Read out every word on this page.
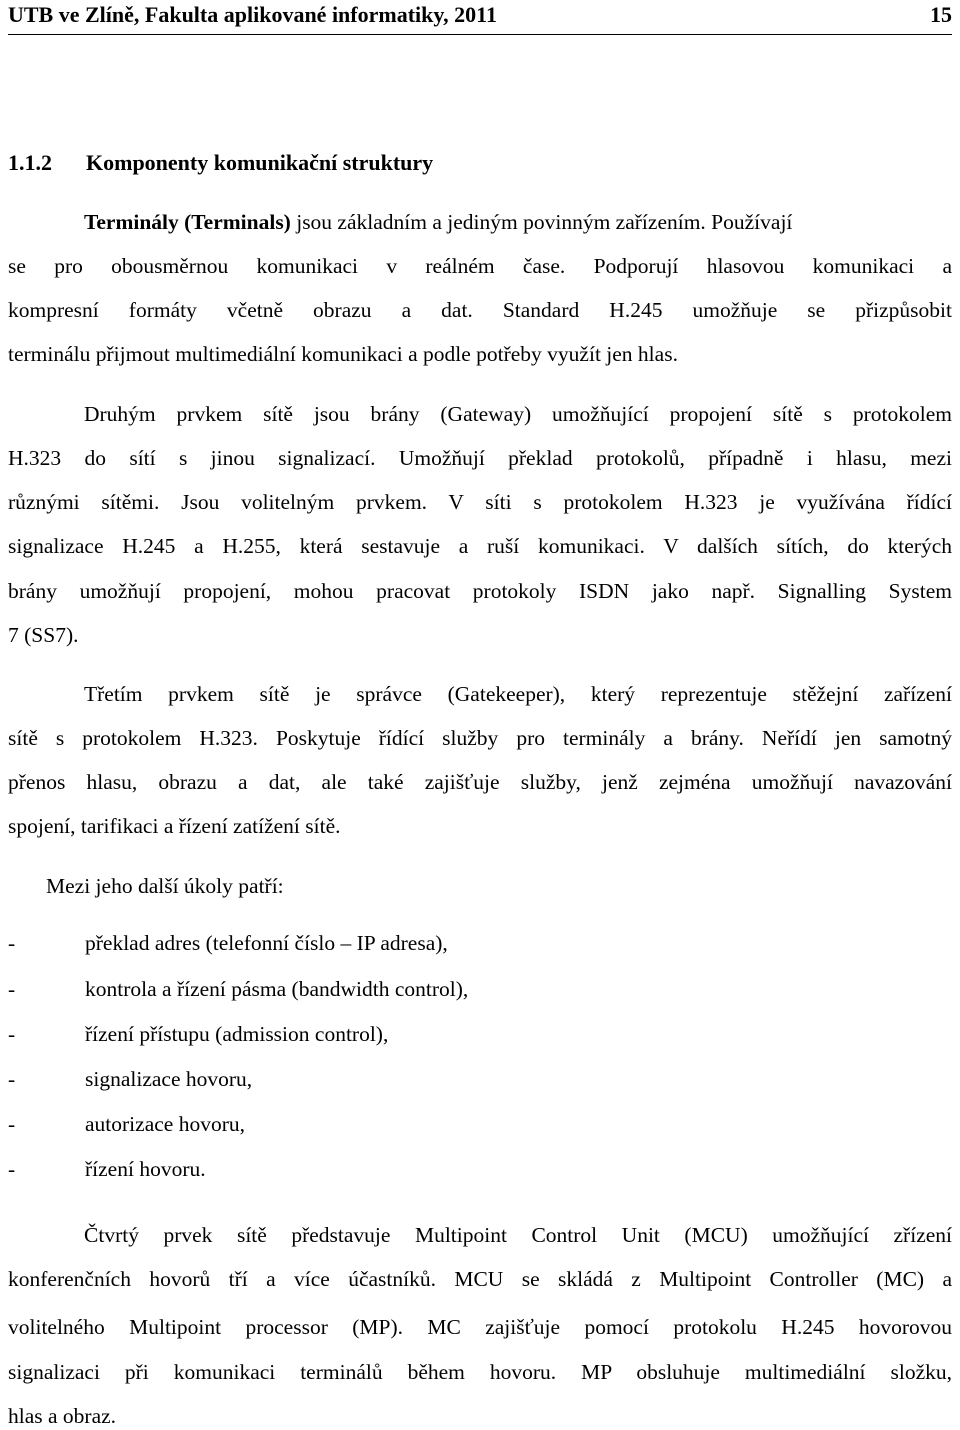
UTB ve Zlíně, Fakulta aplikované informatiky, 2011	15
1.1.2 Komponenty komunikační struktury
Terminály (Terminals) jsou základním a jediným povinným zařízením. Používají
se pro obousměrnou komunikaci v reálném čase. Podporují hlasovou komunikaci a
kompresní formáty včetně obrazu a dat. Standard H.245 umožňuje se přizpůsobit
terminálu přijmout multimediální komunikaci a podle potřeby využít jen hlas.
Druhým prvkem sítě jsou brány (Gateway) umožňující propojení sítě s protokolem
H.323 do sítí s jinou signalizací. Umožňují překlad protokolů, případně i hlasu, mezi
různými sítěmi. Jsou volitelným prvkem. V síti s protokolem H.323 je využívána řídící
signalizace H.245 a H.255, která sestavuje a ruší komunikaci. V dalších sítích, do kterých
brány umožňují propojení, mohou pracovat protokoly ISDN jako např. Signalling System
7 (SS7).
Třetím prvkem sítě je správce (Gatekeeper), který reprezentuje stěžejní zařízení
sítě s protokolem H.323. Poskytuje řídící služby pro terminály a brány. Neřídí jen samotný
přenos hlasu, obrazu a dat, ale také zajišťuje služby, jenž zejména umožňují navazování
spojení, tarifikaci a řízení zatížení sítě.
Mezi jeho další úkoly patří:
-	překlad adres (telefonní číslo – IP adresa),
-	kontrola a řízení pásma (bandwidth control),
-	řízení přístupu (admission control),
-	signalizace hovoru,
-	autorizace hovoru,
-	řízení hovoru.
Čtvrtý prvek sítě představuje Multipoint Control Unit (MCU) umožňující zřízení
konferenčních hovorů tří a více účastníků. MCU se skládá z Multipoint Controller (MC) a
volitelného Multipoint processor (MP). MC zajišťuje pomocí protokolu H.245 hovorovou
signalizaci při komunikaci terminálů během hovoru. MP obsluhuje multimediální složku,
hlas a obraz.
